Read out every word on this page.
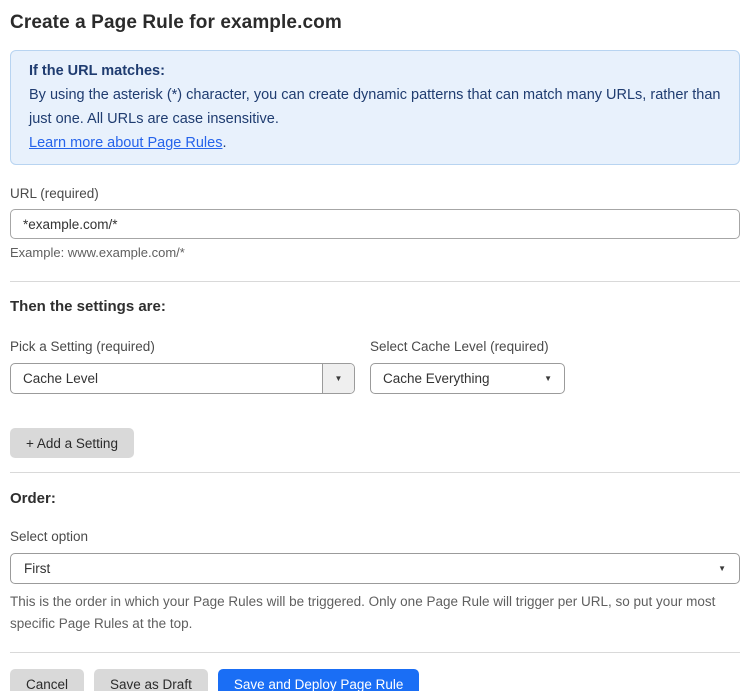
Create a Page Rule for example.com
If the URL matches:
By using the asterisk (*) character, you can create dynamic patterns that can match many URLs, rather than just one. All URLs are case insensitive.
Learn more about Page Rules.
URL (required)
*example.com/*
Example: www.example.com/*
Then the settings are:
Pick a Setting (required)
Cache Level	▼
Select Cache Level (required)
Cache Everything	▼
+ Add a Setting
Order:
Select option
First	▼
This is the order in which your Page Rules will be triggered. Only one Page Rule will trigger per URL, so put your most specific Page Rules at the top.
Cancel	Save as Draft	Save and Deploy Page Rule
